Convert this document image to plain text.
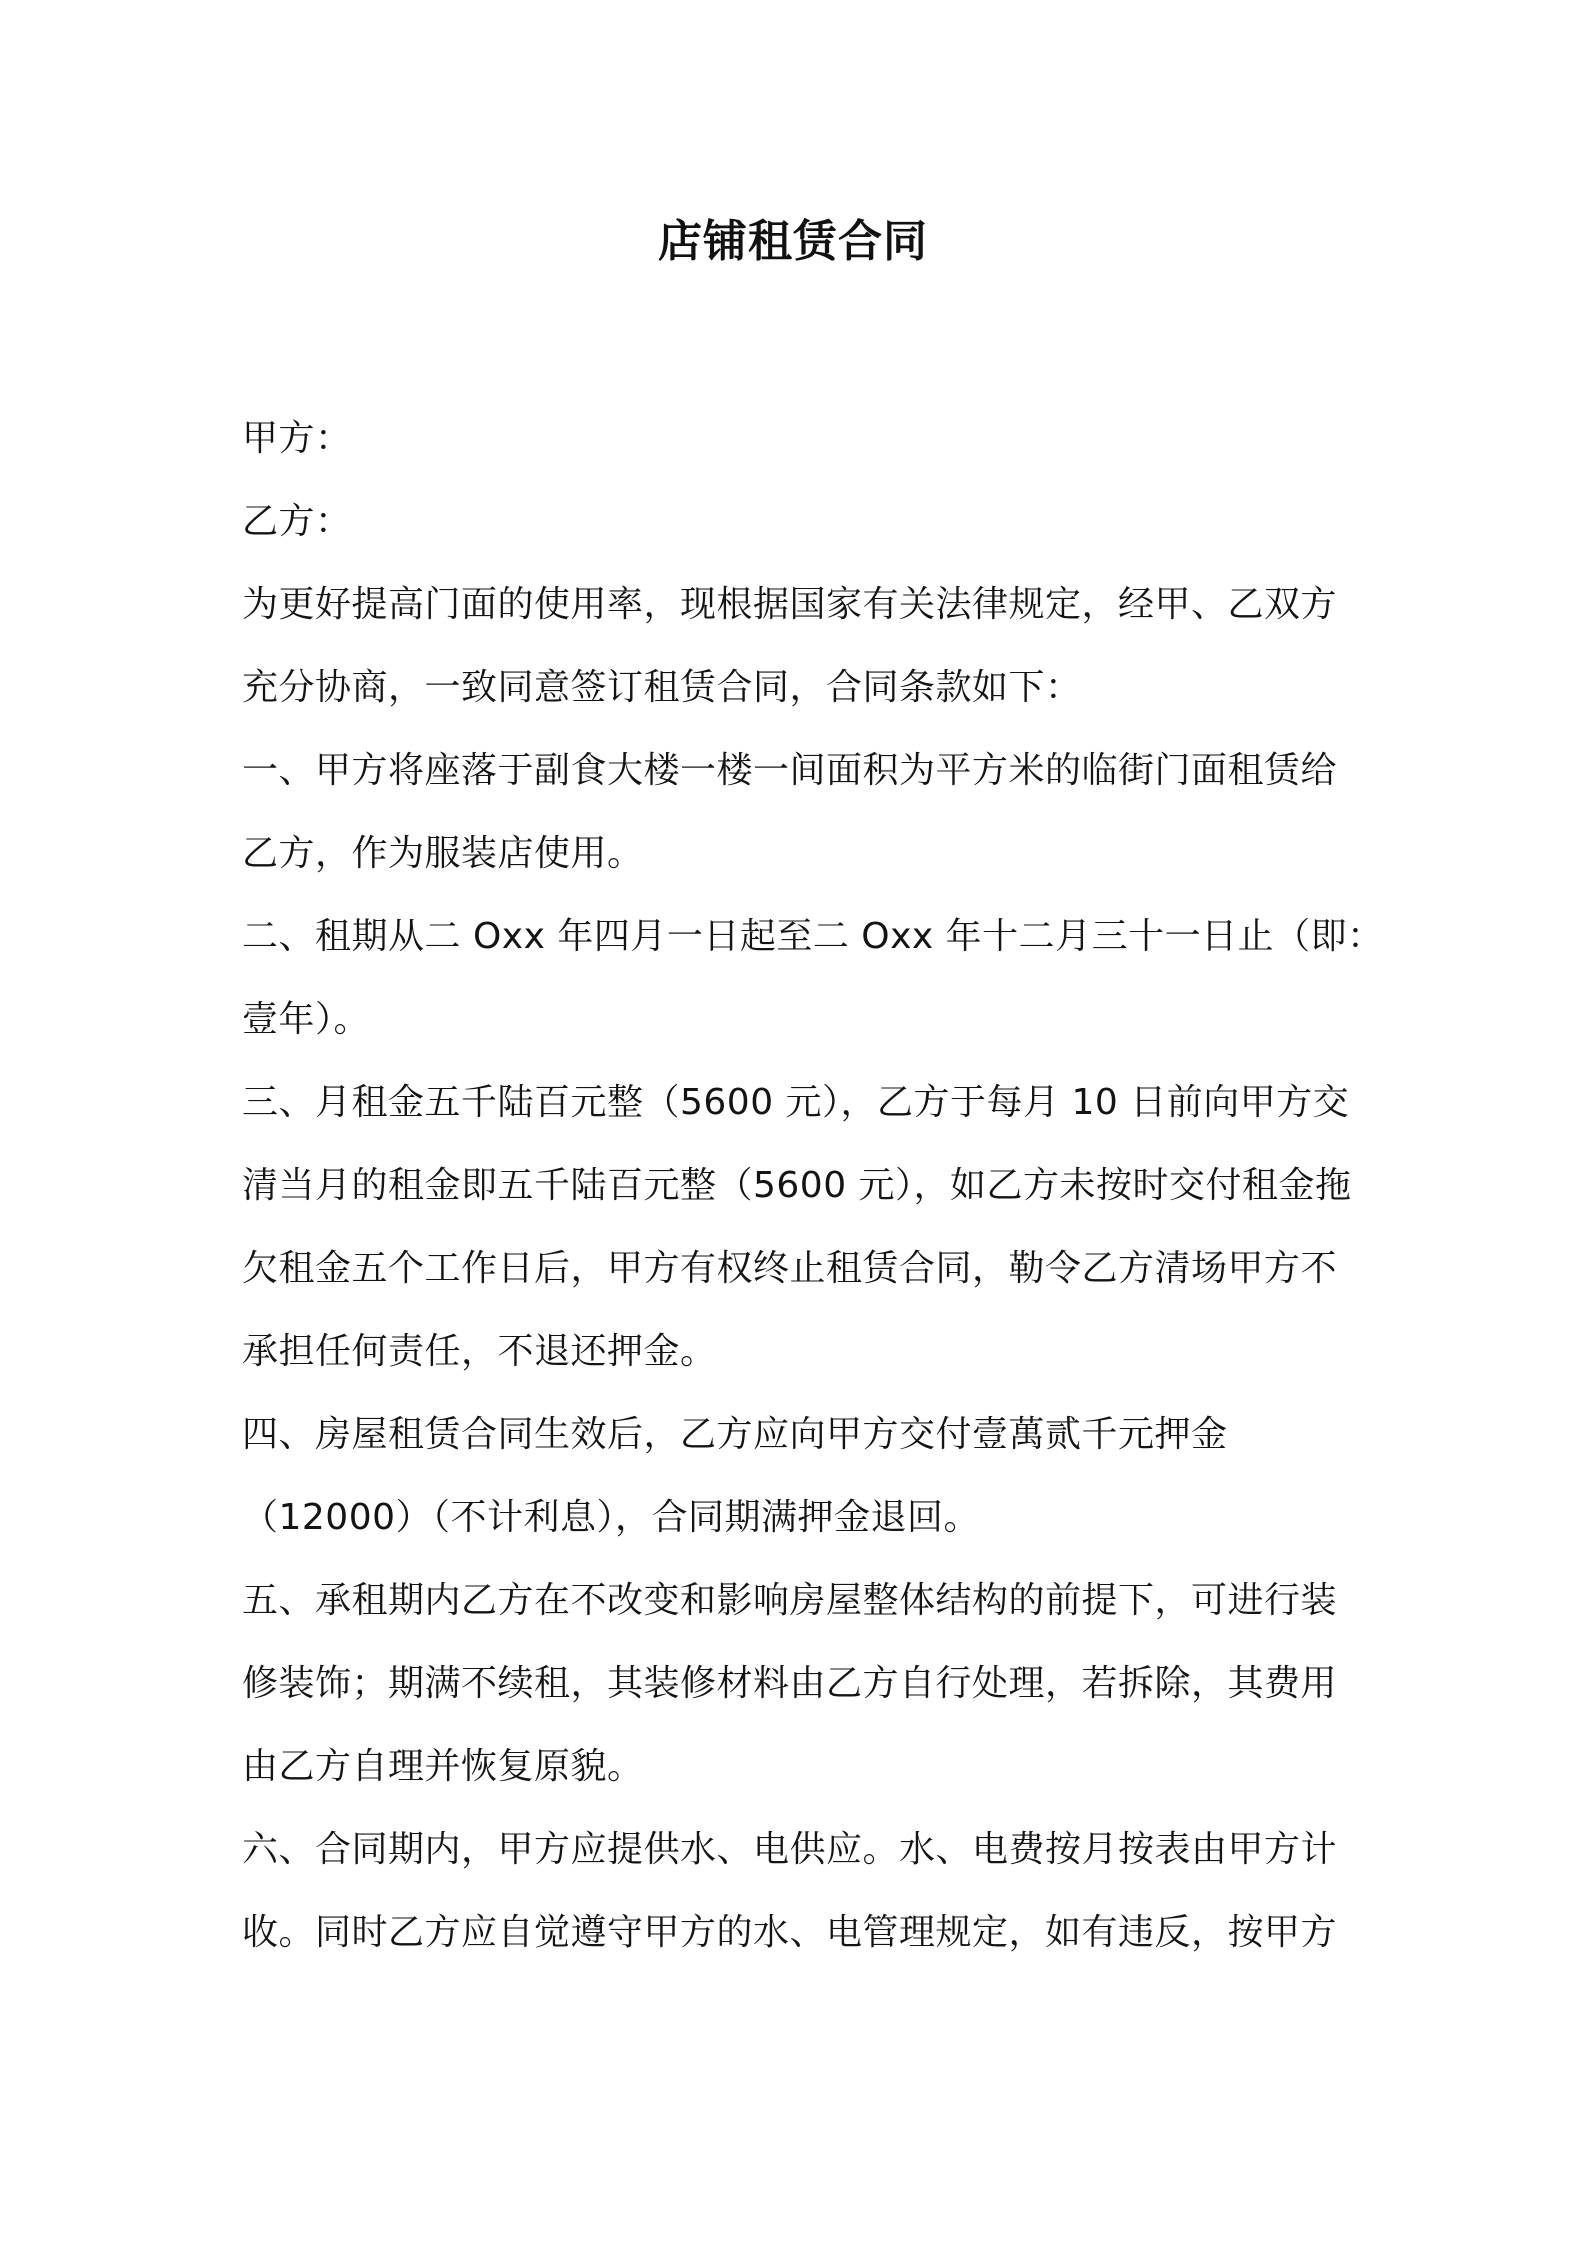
店铺租赁合同
甲方：
乙方：
为更好提高门面的使用率，现根据国家有关法律规定，经甲、乙双方
充分协商，一致同意签订租赁合同，合同条款如下：
一、甲方将座落于副食大楼一楼一间面积为平方米的临街门面租赁给
乙方，作为服装店使用。
二、租期从二 Oxx 年四月一日起至二 Oxx 年十二月三十一日止（即：
壹年）。
三、月租金五千陆百元整（5600 元），乙方于每月 10 日前向甲方交
清当月的租金即五千陆百元整（5600 元），如乙方未按时交付租金拖
欠租金五个工作日后，甲方有权终止租赁合同，勒令乙方清场甲方不
承担任何责任，不退还押金。
四、房屋租赁合同生效后，乙方应向甲方交付壹萬贰千元押金
（12000）（不计利息），合同期满押金退回。
五、承租期内乙方在不改变和影响房屋整体结构的前提下，可进行装
修装饰；期满不续租，其装修材料由乙方自行处理，若拆除，其费用
由乙方自理并恢复原貌。
六、合同期内，甲方应提供水、电供应。水、电费按月按表由甲方计
收。同时乙方应自觉遵守甲方的水、电管理规定，如有违反，按甲方
